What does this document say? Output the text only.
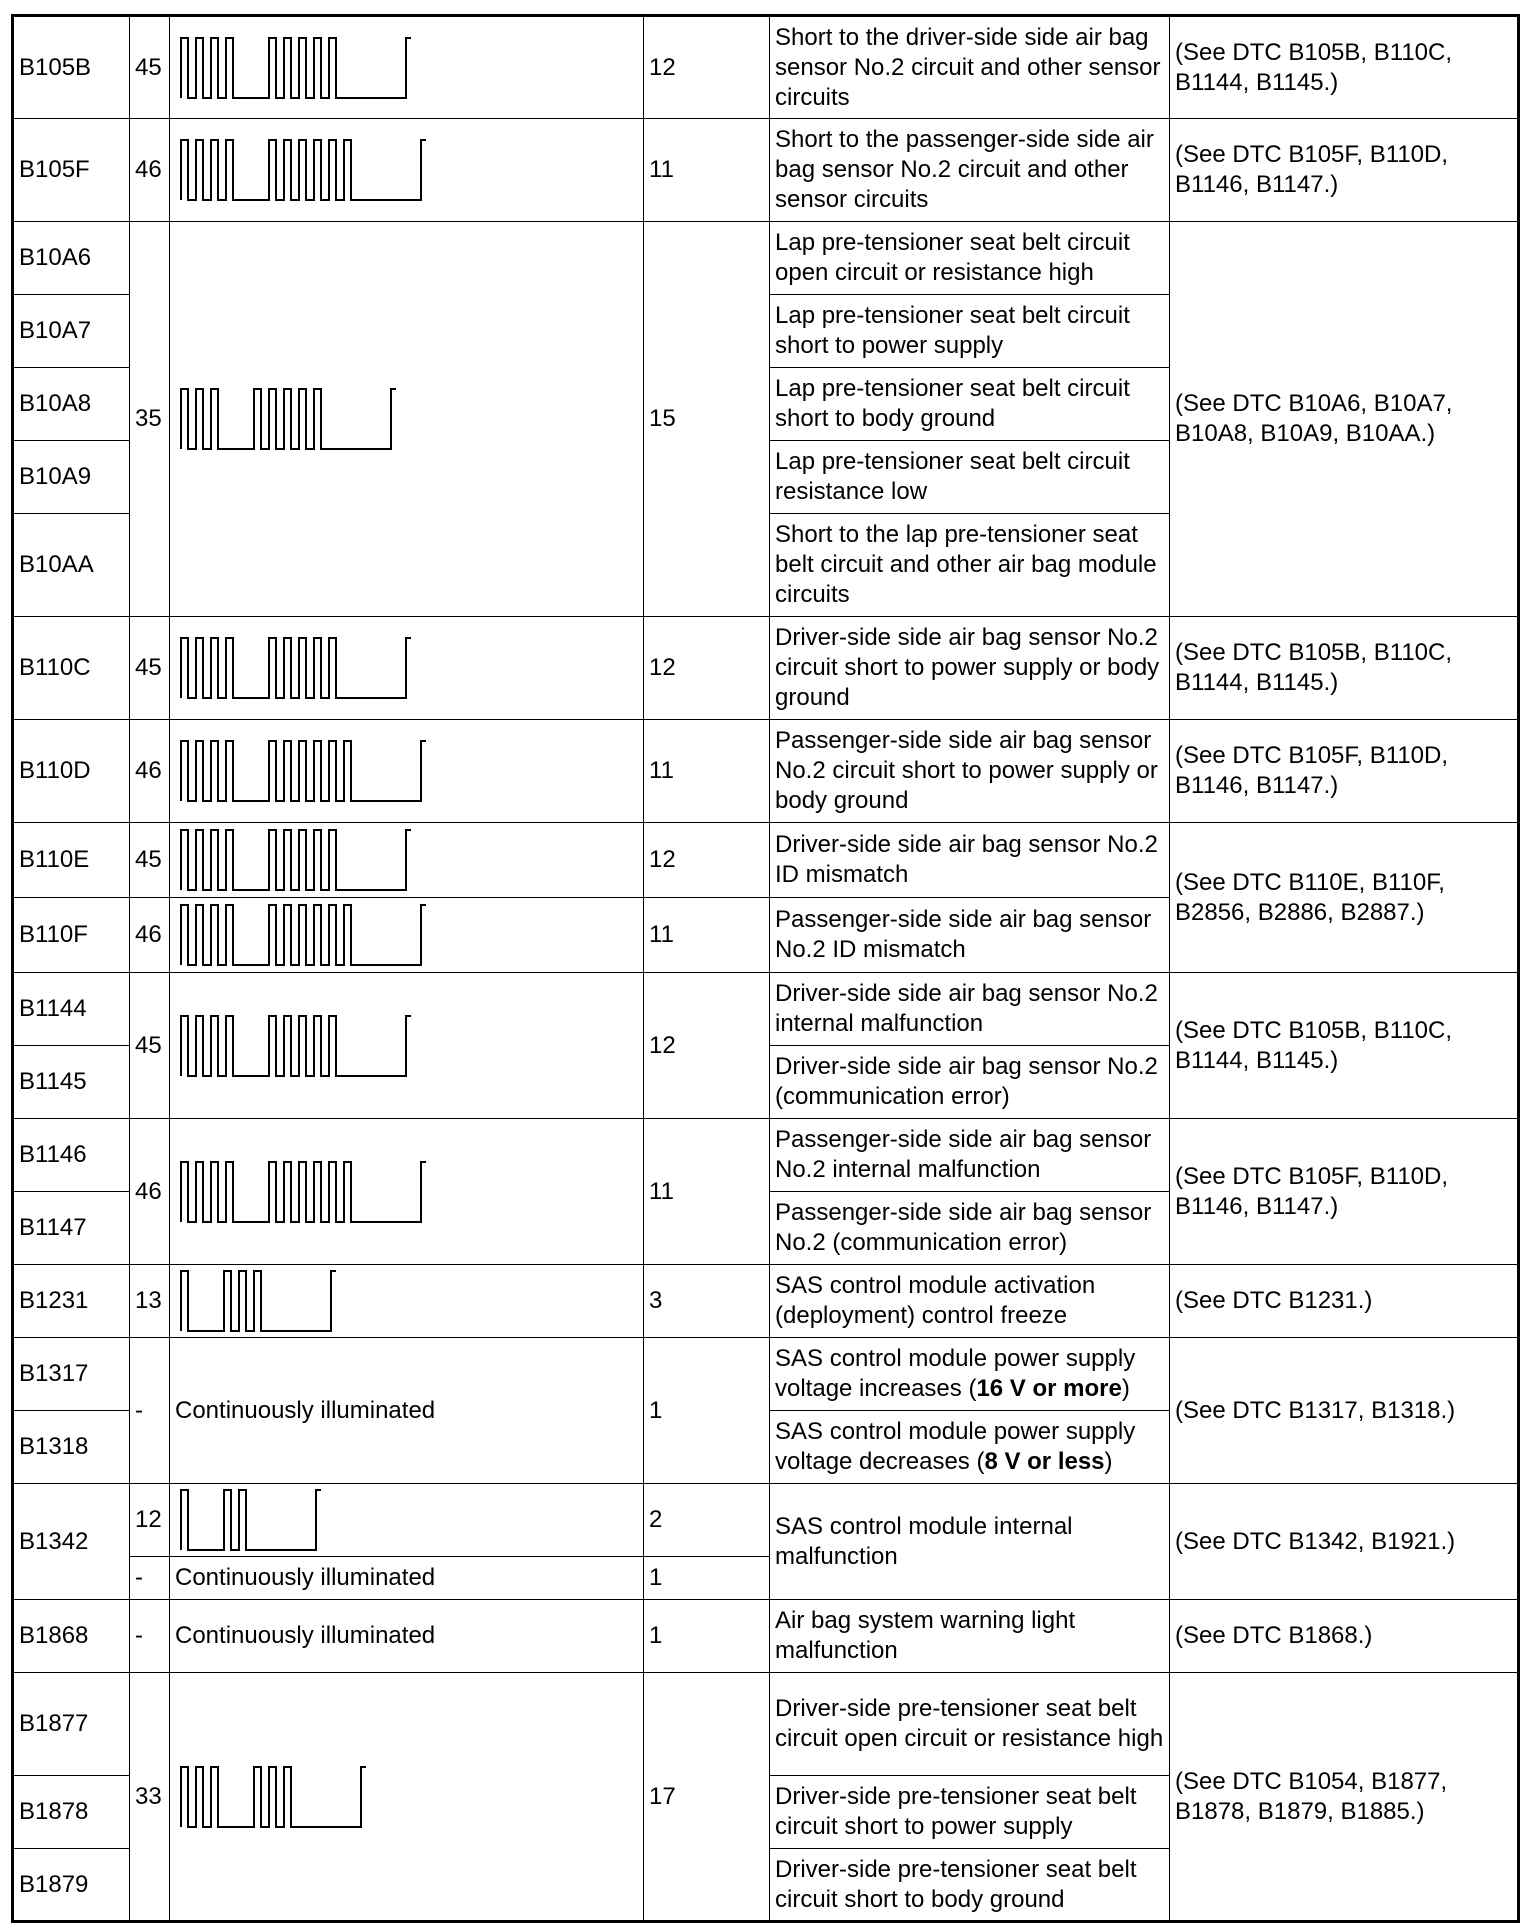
B105B	45		12	Short to the driver-side side air bag sensor No.2 circuit and other sensor circuits	(See DTC B105B, B110C, B1144, B1145.)
B105F	46		11	Short to the passenger-side side air bag sensor No.2 circuit and other sensor circuits	(See DTC B105F, B110D, B1146, B1147.)
B10A6	35		15	Lap pre-tensioner seat belt circuit open circuit or resistance high	(See DTC B10A6, B10A7, B10A8, B10A9, B10AA.)
B10A7				Lap pre-tensioner seat belt circuit short to power supply	
B10A8				Lap pre-tensioner seat belt circuit short to body ground	
B10A9				Lap pre-tensioner seat belt circuit resistance low	
B10AA				Short to the lap pre-tensioner seat belt circuit and other air bag module circuits	
B110C	45		12	Driver-side side air bag sensor No.2 circuit short to power supply or body ground	(See DTC B105B, B110C, B1144, B1145.)
B110D	46		11	Passenger-side side air bag sensor No.2 circuit short to power supply or body ground	(See DTC B105F, B110D, B1146, B1147.)
B110E	45		12	Driver-side side air bag sensor No.2 ID mismatch	(See DTC B110E, B110F, B2856, B2886, B2887.)
B110F	46		11	Passenger-side side air bag sensor No.2 ID mismatch	
B1144	45		12	Driver-side side air bag sensor No.2 internal malfunction	(See DTC B105B, B110C, B1144, B1145.)
B1145				Driver-side side air bag sensor No.2 (communication error)	
B1146	46		11	Passenger-side side air bag sensor No.2 internal malfunction	(See DTC B105F, B110D, B1146, B1147.)
B1147				Passenger-side side air bag sensor No.2 (communication error)	
B1231	13		3	SAS control module activation (deployment) control freeze	(See DTC B1231.)
B1317	-	Continuously illuminated	1	SAS control module power supply voltage increases (16 V or more)	(See DTC B1317, B1318.)
B1318				SAS control module power supply voltage decreases (8 V or less)	
B1342	12		2	SAS control module internal malfunction	(See DTC B1342, B1921.)
	-	Continuously illuminated	1		
B1868	-	Continuously illuminated	1	Air bag system warning light malfunction	(See DTC B1868.)
B1877	33		17	Driver-side pre-tensioner seat belt circuit open circuit or resistance high	(See DTC B1054, B1877, B1878, B1879, B1885.)
B1878				Driver-side pre-tensioner seat belt circuit short to power supply	
B1879				Driver-side pre-tensioner seat belt circuit short to body ground	
